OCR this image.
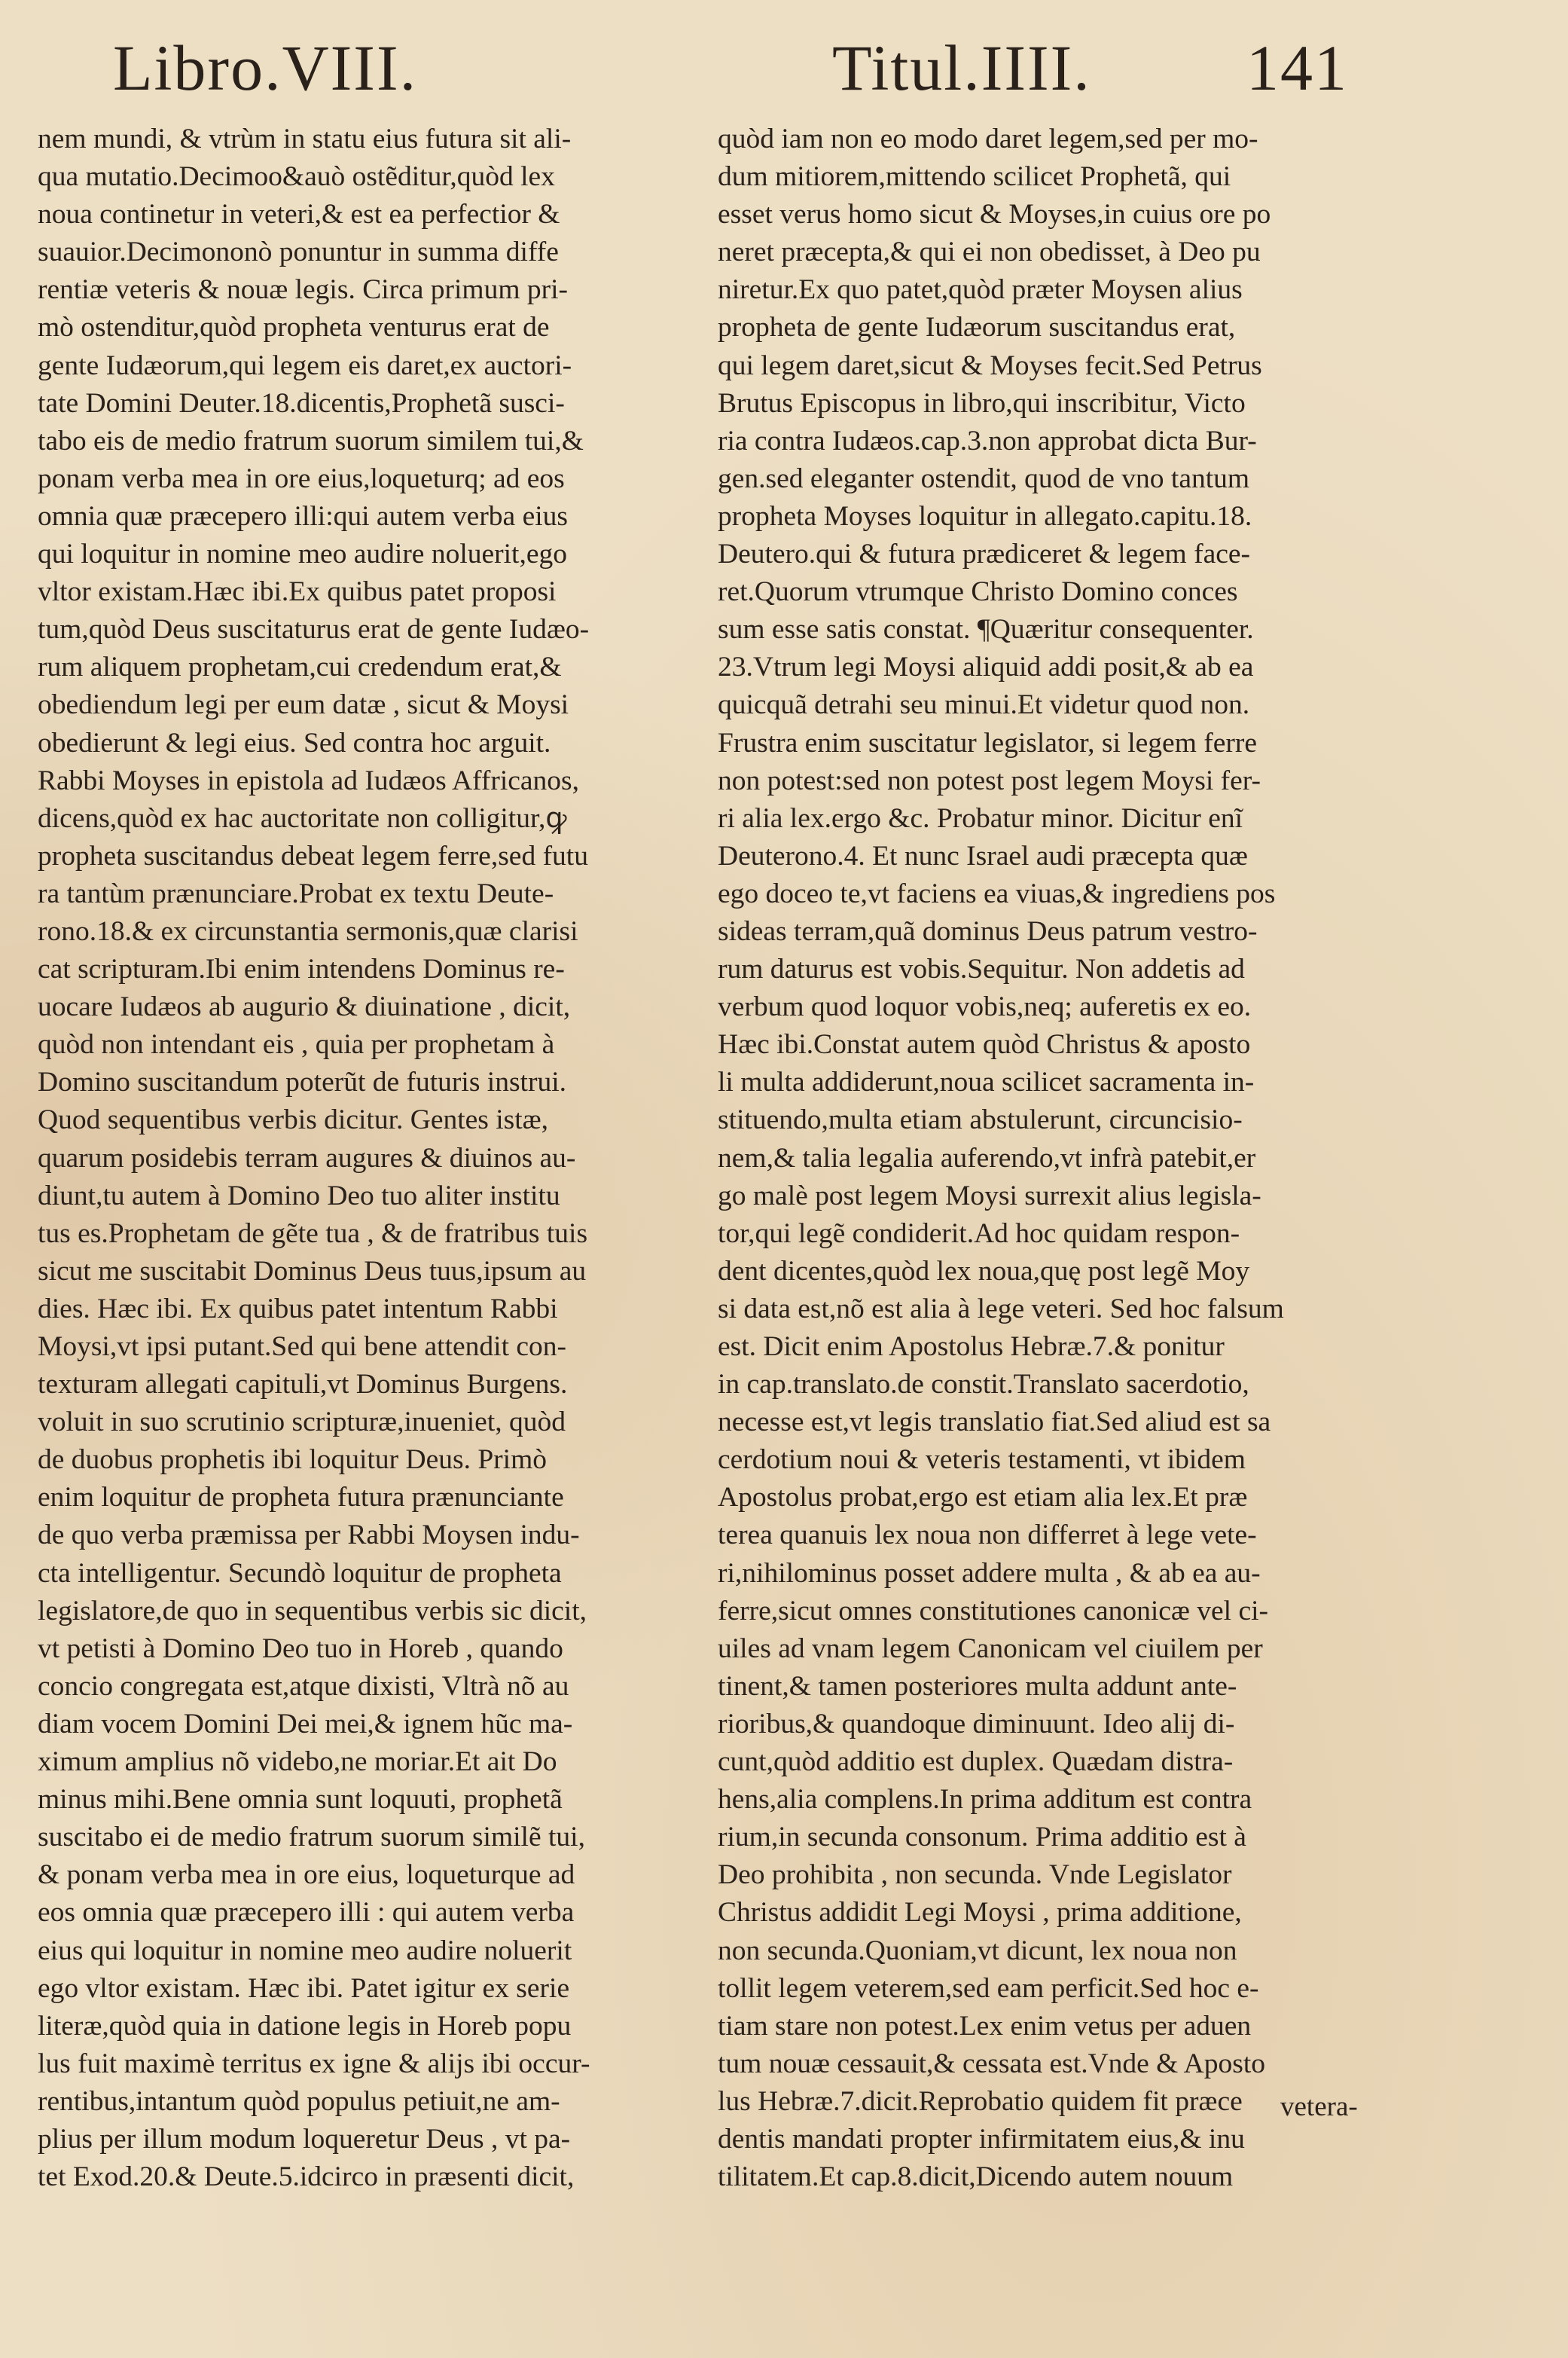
Libro.VIII.	Titul.IIII. 141
nem mundi, & vtrùm in statu eius futura sit ali-
qua mutatio.Decimoo&auò ostẽditur,quòd lex
noua continetur in veteri,& est ea perfectior &
suauior.Decimononò ponuntur in summa diffe
rentiæ veteris & nouæ legis. Circa primum pri-
mò ostenditur,quòd propheta venturus erat de
gente Iudæorum,qui legem eis daret,ex auctori-
tate Domini Deuter.18.dicentis,Prophetã susci-
tabo eis de medio fratrum suorum similem tui,&
ponam verba mea in ore eius,loqueturq; ad eos
omnia quæ præcepero illi:qui autem verba eius
qui loquitur in nomine meo audire noluerit,ego
vltor existam.Hæc ibi.Ex quibus patet proposi
tum,quòd Deus suscitaturus erat de gente Iudæo-
rum aliquem prophetam,cui credendum erat,&
obediendum legi per eum datæ , sicut & Moysi
obedierunt & legi eius. Sed contra hoc arguit.
Rabbi Moyses in epistola ad Iudæos Affricanos,
dicens,quòd ex hac auctoritate non colligitur,ꝙ
propheta suscitandus debeat legem ferre,sed futu
ra tantùm prænunciare.Probat ex textu Deute-
rono.18.& ex circunstantia sermonis,quæ clarisi
cat scripturam.Ibi enim intendens Dominus re-
uocare Iudæos ab augurio & diuinatione , dicit,
quòd non intendant eis , quia per prophetam à
Domino suscitandum poterũt de futuris instrui.
Quod sequentibus verbis dicitur. Gentes istæ,
quarum posidebis terram augures & diuinos au-
diunt,tu autem à Domino Deo tuo aliter institu
tus es.Prophetam de gẽte tua , & de fratribus tuis
sicut me suscitabit Dominus Deus tuus,ipsum au
dies. Hæc ibi. Ex quibus patet intentum Rabbi
Moysi,vt ipsi putant.Sed qui bene attendit con-
texturam allegati capituli,vt Dominus Burgens.
voluit in suo scrutinio scripturæ,inueniet, quòd
de duobus prophetis ibi loquitur Deus. Primò
enim loquitur de propheta futura prænunciante
de quo verba præmissa per Rabbi Moysen indu-
cta intelligentur. Secundò loquitur de propheta
legislatore,de quo in sequentibus verbis sic dicit,
vt petisti à Domino Deo tuo in Horeb , quando
concio congregata est,atque dixisti, Vltrà nõ au
diam vocem Domini Dei mei,& ignem hũc ma-
ximum amplius nõ videbo,ne moriar.Et ait Do
minus mihi.Bene omnia sunt loquuti, prophetã
suscitabo ei de medio fratrum suorum similẽ tui,
& ponam verba mea in ore eius, loqueturque ad
eos omnia quæ præcepero illi : qui autem verba
eius qui loquitur in nomine meo audire noluerit
ego vltor existam. Hæc ibi. Patet igitur ex serie
literæ,quòd quia in datione legis in Horeb popu
lus fuit maximè territus ex igne & alijs ibi occur-
rentibus,intantum quòd populus petiuit,ne am-
plius per illum modum loqueretur Deus , vt pa-
tet Exod.20.& Deute.5.idcirco in præsenti dicit,
quòd iam non eo modo daret legem,sed per mo-
dum mitiorem,mittendo scilicet Prophetã, qui
esset verus homo sicut & Moyses,in cuius ore po
neret præcepta,& qui ei non obedisset, à Deo pu
niretur.Ex quo patet,quòd præter Moysen alius
propheta de gente Iudæorum suscitandus erat,
qui legem daret,sicut & Moyses fecit.Sed Petrus
Brutus Episcopus in libro,qui inscribitur, Victo
ria contra Iudæos.cap.3.non approbat dicta Bur-
gen.sed eleganter ostendit, quod de vno tantum
propheta Moyses loquitur in allegato.capitu.18.
Deutero.qui & futura prædiceret & legem face-
ret.Quorum vtrumque Christo Domino conces
sum esse satis constat. ¶Quæritur consequenter.
23.Vtrum legi Moysi aliquid addi posit,& ab ea
quicquã detrahi seu minui.Et videtur quod non.
Frustra enim suscitatur legislator, si legem ferre
non potest:sed non potest post legem Moysi fer-
ri alia lex.ergo &c. Probatur minor. Dicitur enĩ
Deuterono.4. Et nunc Israel audi præcepta quæ
ego doceo te,vt faciens ea viuas,& ingrediens pos
sideas terram,quã dominus Deus patrum vestro-
rum daturus est vobis.Sequitur. Non addetis ad
verbum quod loquor vobis,neq; auferetis ex eo.
Hæc ibi.Constat autem quòd Christus & aposto
li multa addiderunt,noua scilicet sacramenta in-
stituendo,multa etiam abstulerunt, circuncisio-
nem,& talia legalia auferendo,vt infrà patebit,er
go malè post legem Moysi surrexit alius legisla-
tor,qui legẽ condiderit.Ad hoc quidam respon-
dent dicentes,quòd lex noua,quę post legẽ Moy
si data est,nõ est alia à lege veteri. Sed hoc falsum
est. Dicit enim Apostolus Hebræ.7.& ponitur
in cap.translato.de constit.Translato sacerdotio,
necesse est,vt legis translatio fiat.Sed aliud est sa
cerdotium noui & veteris testamenti, vt ibidem
Apostolus probat,ergo est etiam alia lex.Et præ
terea quanuis lex noua non differret à lege vete-
ri,nihilominus posset addere multa , & ab ea au-
ferre,sicut omnes constitutiones canonicæ vel ci-
uiles ad vnam legem Canonicam vel ciuilem per
tinent,& tamen posteriores multa addunt ante-
rioribus,& quandoque diminuunt. Ideo alij di-
cunt,quòd additio est duplex. Quædam distra-
hens,alia complens.In prima additum est contra
rium,in secunda consonum. Prima additio est à
Deo prohibita , non secunda. Vnde Legislator
Christus addidit Legi Moysi , prima additione,
non secunda.Quoniam,vt dicunt, lex noua non
tollit legem veterem,sed eam perficit.Sed hoc e-
tiam stare non potest.Lex enim vetus per aduen
tum nouæ cessauit,& cessata est.Vnde & Aposto
lus Hebræ.7.dicit.Reprobatio quidem fit præce
dentis mandati propter infirmitatem eius,& inu
tilitatem.Et cap.8.dicit,Dicendo autem nouum
vetera-
